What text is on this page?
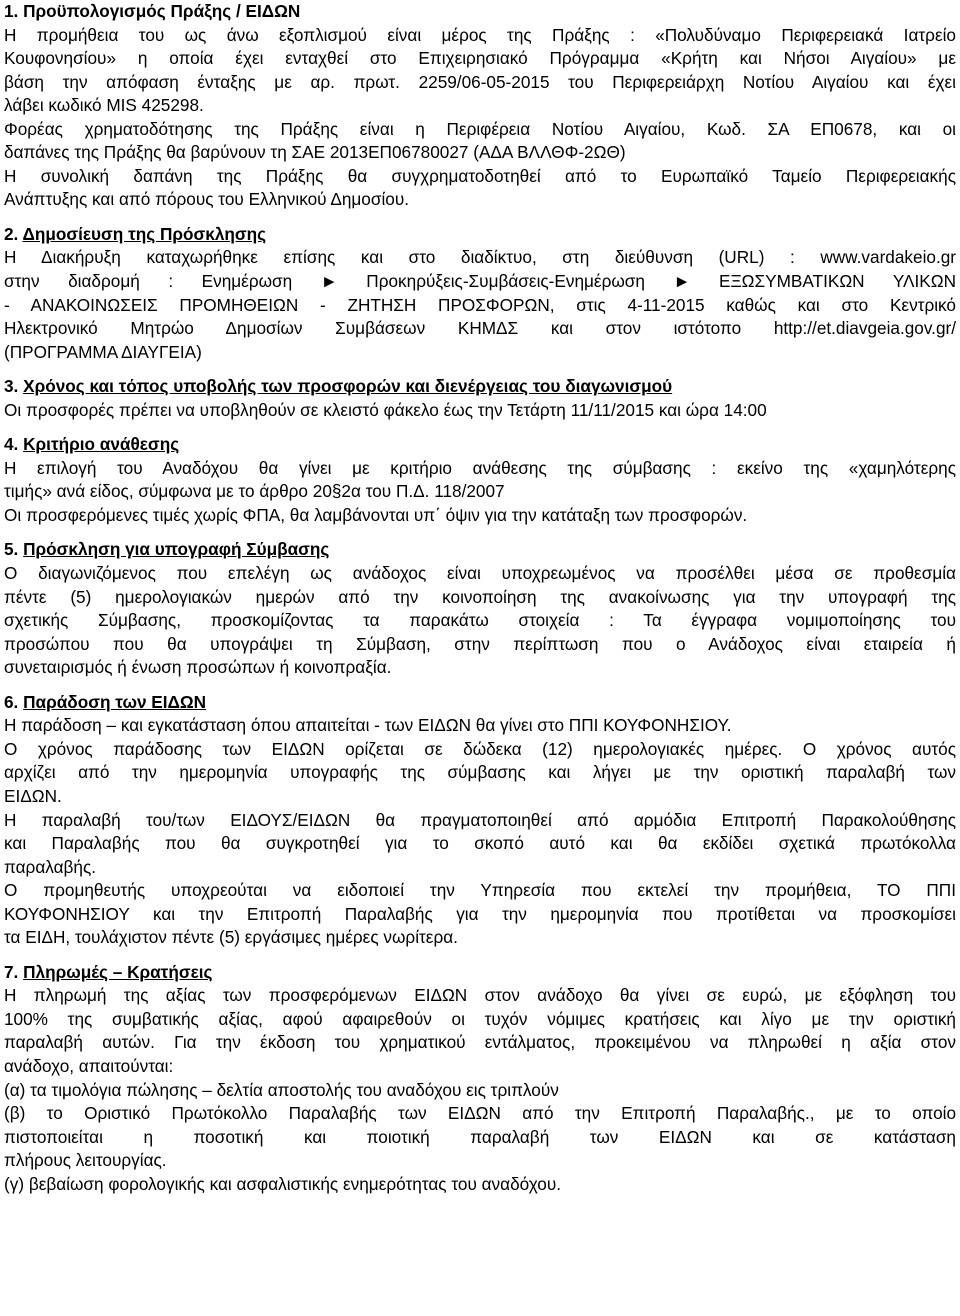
1. Προϋπολογισμός Πράξης / ΕΙΔΩΝ
Η προμήθεια του ως άνω εξοπλισμού είναι μέρος της Πράξης : «Πολυδύναμο Περιφερειακά Ιατρείο
Κουφονησίου» η οποία έχει ενταχθεί στο Επιχειρησιακό Πρόγραμμα «Κρήτη και Νήσοι Αιγαίου» με
βάση την απόφαση ένταξης με αρ. πρωτ. 2259/06-05-2015 του Περιφερειάρχη Νοτίου Αιγαίου και έχει
λάβει κωδικό MIS 425298.
Φορέας χρηματοδότησης της Πράξης είναι η Περιφέρεια Νοτίου Αιγαίου, Κωδ. ΣΑ ΕΠ0678, και οι
δαπάνες της Πράξης θα βαρύνουν τη ΣΑΕ 2013ΕΠ06780027 (ΑΔΑ ΒΛΛΘΦ-2ΩΘ)
Η συνολική δαπάνη της Πράξης θα συγχρηματοδοτηθεί από το Ευρωπαϊκό Ταμείο Περιφερειακής
Ανάπτυξης και από πόρους του Ελληνικού Δημοσίου.
2. Δημοσίευση της Πρόσκλησης
Η Διακήρυξη καταχωρήθηκε επίσης και στο διαδίκτυο, στη διεύθυνση (URL) : www.vardakeio.gr
στην διαδρομή : Ενημέρωση ► Προκηρύξεις-Συμβάσεις-Ενημέρωση ► ΕΞΩΣΥΜΒΑΤΙΚΩΝ ΥΛΙΚΩΝ
- ΑΝΑΚΟΙΝΩΣΕΙΣ ΠΡΟΜΗΘΕΙΩΝ - ΖΗΤΗΣΗ ΠΡΟΣΦΟΡΩΝ, στις 4-11-2015 καθώς και στο Κεντρικό
Ηλεκτρονικό Μητρώο Δημοσίων Συμβάσεων ΚΗΜΔΣ και στον ιστότοπο http://et.diavgeia.gov.gr/
(ΠΡΟΓΡΑΜΜΑ ΔΙΑΥΓΕΙΑ)
3. Χρόνος και τόπος υποβολής των προσφορών και διενέργειας του διαγωνισμού
Οι προσφορές πρέπει να υποβληθούν σε κλειστό φάκελο έως την Τετάρτη 11/11/2015 και ώρα 14:00
4. Κριτήριο ανάθεσης
Η επιλογή του Αναδόχου θα γίνει με κριτήριο ανάθεσης της σύμβασης : εκείνο της «χαμηλότερης
τιμής» ανά είδος, σύμφωνα με το άρθρο 20§2α του Π.Δ. 118/2007
Οι προσφερόμενες τιμές χωρίς ΦΠΑ, θα λαμβάνονται υπ΄ όψιν για την κατάταξη των προσφορών.
5. Πρόσκληση για υπογραφή Σύμβασης
Ο διαγωνιζόμενος που επελέγη ως ανάδοχος είναι υποχρεωμένος να προσέλθει μέσα σε προθεσμία
πέντε (5) ημερολογιακών ημερών από την κοινοποίηση της ανακοίνωσης για την υπογραφή της
σχετικής Σύμβασης, προσκομίζοντας τα παρακάτω στοιχεία : Τα έγγραφα νομιμοποίησης του
προσώπου που θα υπογράψει τη Σύμβαση, στην περίπτωση που ο Ανάδοχος είναι εταιρεία ή
συνεταιρισμός ή ένωση προσώπων ή κοινοπραξία.
6. Παράδοση των ΕΙΔΩΝ
Η παράδοση – και εγκατάσταση όπου απαιτείται - των ΕΙΔΩΝ θα γίνει στο ΠΠΙ ΚΟΥΦΟΝΗΣΙΟΥ.
Ο χρόνος παράδοσης των ΕΙΔΩΝ ορίζεται σε δώδεκα (12) ημερολογιακές ημέρες. Ο χρόνος αυτός
αρχίζει από την ημερομηνία υπογραφής της σύμβασης και λήγει με την οριστική παραλαβή των
ΕΙΔΩΝ.
Η παραλαβή του/των ΕΙΔΟΥΣ/ΕΙΔΩΝ θα πραγματοποιηθεί από αρμόδια Επιτροπή Παρακολούθησης
και Παραλαβής που θα συγκροτηθεί για το σκοπό αυτό και θα εκδίδει σχετικά πρωτόκολλα
παραλαβής.
Ο προμηθευτής υποχρεούται να ειδοποιεί την Υπηρεσία που εκτελεί την προμήθεια, ΤΟ ΠΠΙ
ΚΟΥΦΟΝΗΣΙΟΥ και την Επιτροπή Παραλαβής για την ημερομηνία που προτίθεται να προσκομίσει
τα ΕΙΔΗ, τουλάχιστον πέντε (5) εργάσιμες ημέρες νωρίτερα.
7. Πληρωμές – Κρατήσεις
Η πληρωμή της αξίας των προσφερόμενων ΕΙΔΩΝ στον ανάδοχο θα γίνει σε ευρώ, με εξόφληση του
100% της συμβατικής αξίας, αφού αφαιρεθούν οι τυχόν νόμιμες κρατήσεις και λίγο με την οριστική
παραλαβή αυτών. Για την έκδοση του χρηματικού εντάλματος, προκειμένου να πληρωθεί η αξία στον
ανάδοχο, απαιτούνται:
(α) τα τιμολόγια πώλησης – δελτία αποστολής του αναδόχου εις τριπλούν
(β) το Οριστικό Πρωτόκολλο Παραλαβής των ΕΙΔΩΝ από την Επιτροπή Παραλαβής., με το οποίο
πιστοποιείται η ποσοτική και ποιοτική παραλαβή των ΕΙΔΩΝ και σε κατάσταση
πλήρους λειτουργίας.
(γ) βεβαίωση φορολογικής και ασφαλιστικής ενημερότητας του αναδόχου.
